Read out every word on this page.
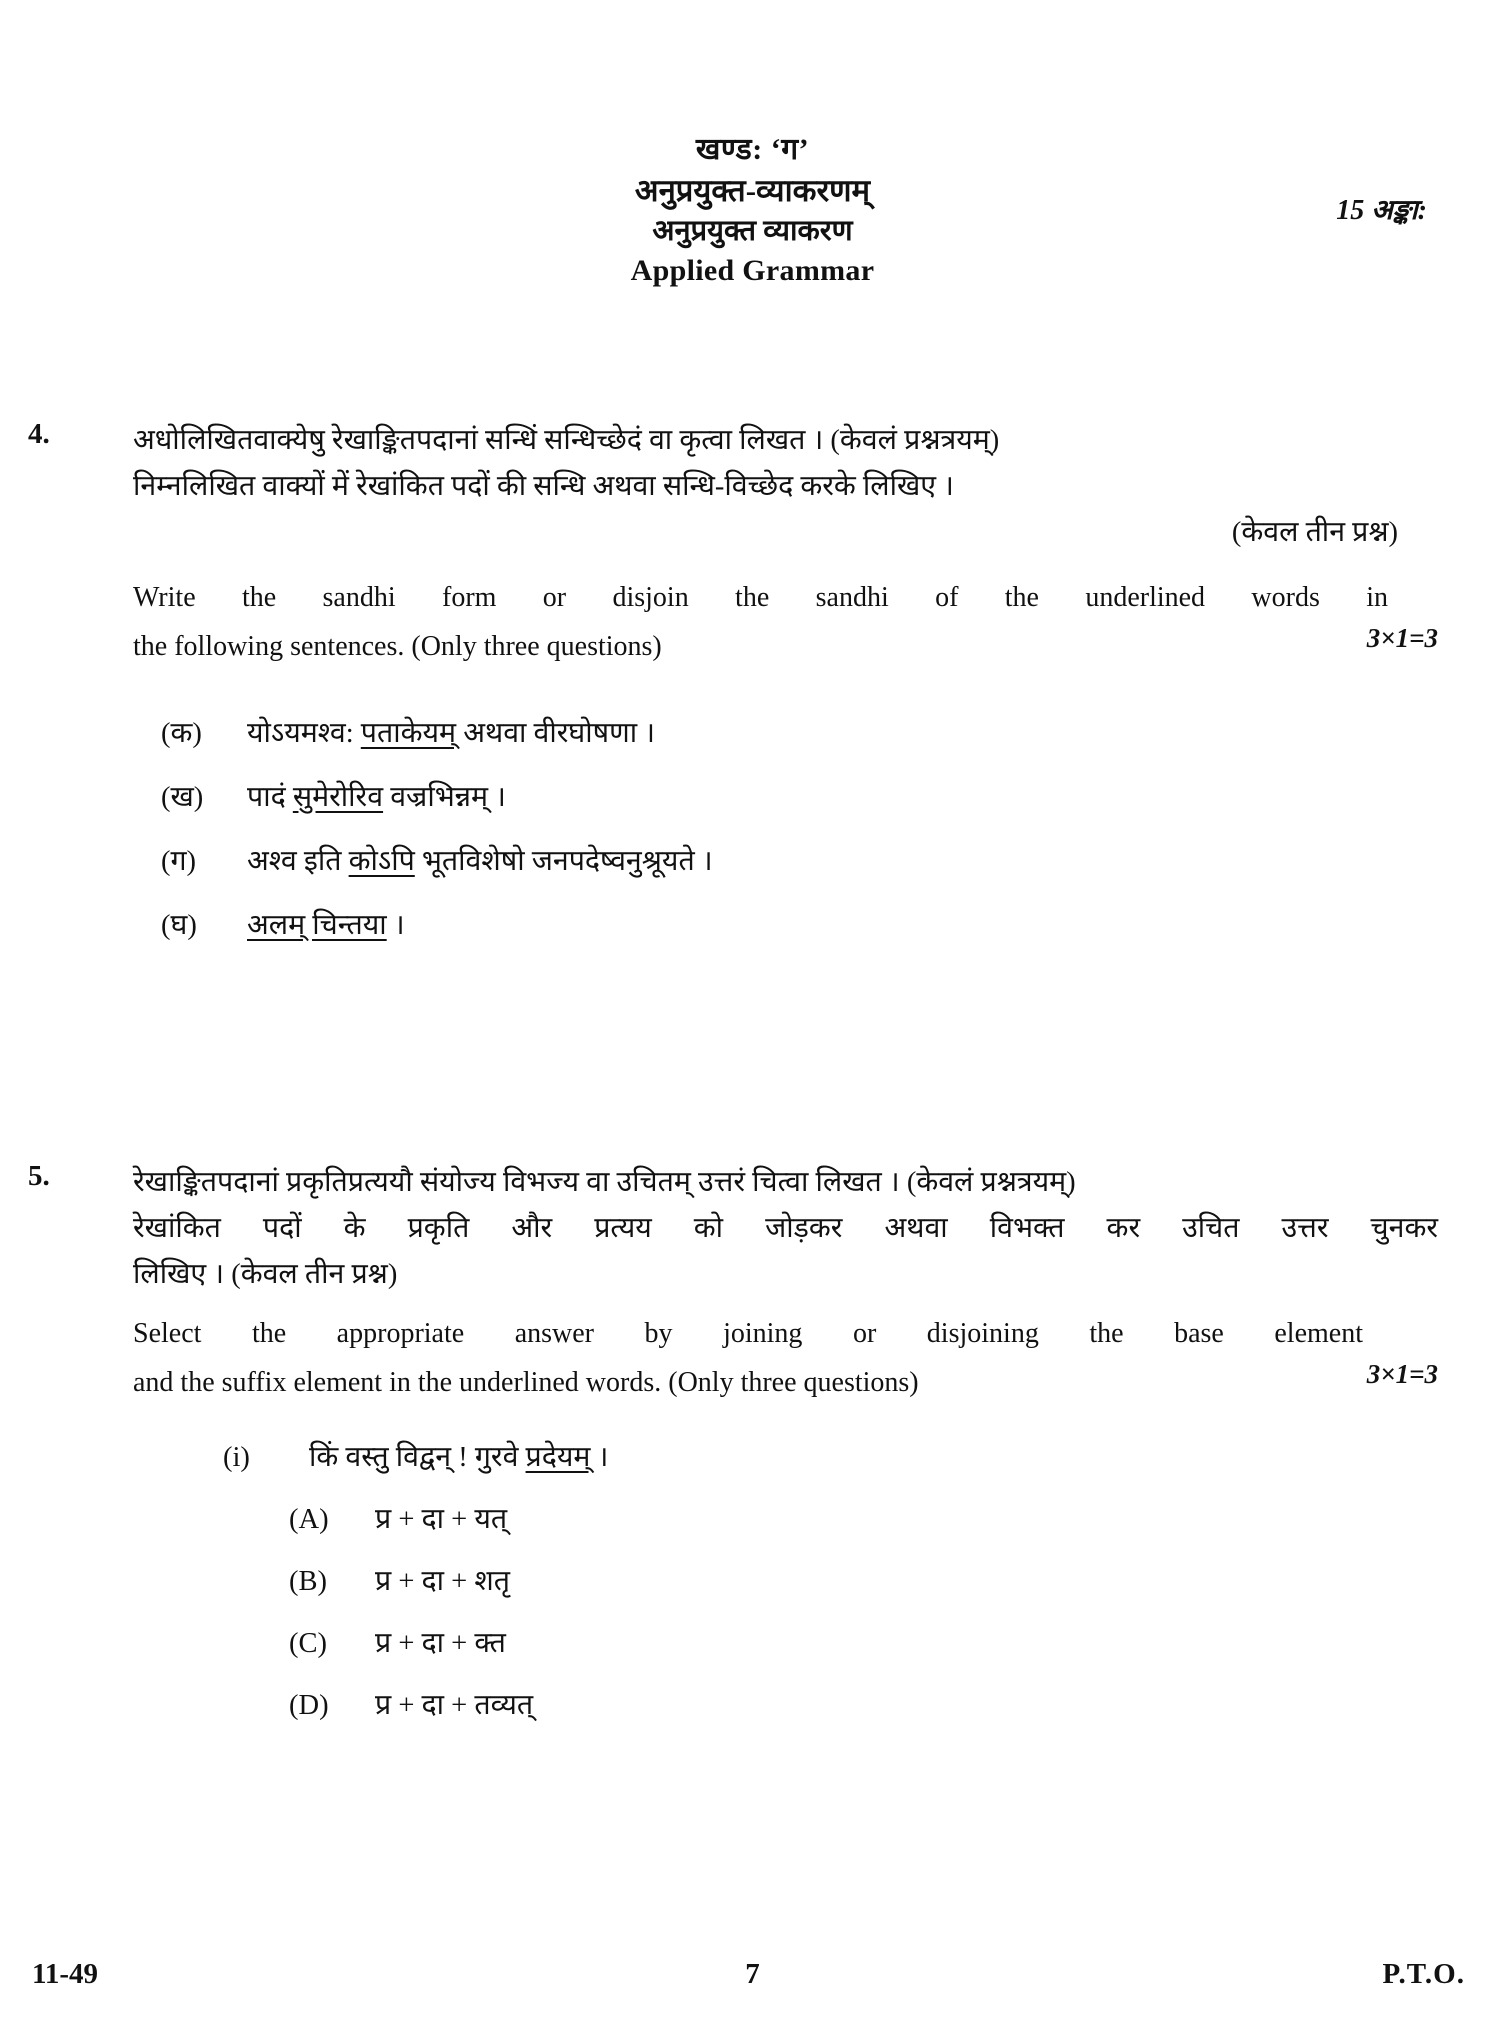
खण्ड: ‘ग’
अनुप्रयुक्त-व्याकरणम्
अनुप्रयुक्त व्याकरण
Applied Grammar
15 अङ्का:
4.	अधोलिखितवाक्येषु रेखाङ्कितपदानां सन्धिं सन्धिच्छेदं वा कृत्वा लिखत । (केवलं प्रश्नत्रयम्)
निम्नलिखित वाक्यों में रेखांकित पदों की सन्धि अथवा सन्धि-विच्छेद करके लिखिए ।
(केवल तीन प्रश्न)
Write the sandhi form or disjoin the sandhi of the underlined words in
the following sentences. (Only three questions)	3×1=3
(क) योऽयमश्व: पताकेयम् अथवा वीरघोषणा ।
(ख) पादं सुमेरोरिव वज्रभिन्नम् ।
(ग) अश्व इति कोऽपि भूतविशेषो जनपदेष्वनुश्रूयते ।
(घ) अलम् चिन्तया ।
5.	रेखाङ्कितपदानां प्रकृतिप्रत्ययौ संयोज्य विभज्य वा उचितम् उत्तरं चित्वा लिखत । (केवलं प्रश्नत्रयम्)
रेखांकित पदों के प्रकृति और प्रत्यय को जोड़कर अथवा विभक्त कर उचित उत्तर चुनकर
लिखिए । (केवल तीन प्रश्न)
Select the appropriate answer by joining or disjoining the base element
and the suffix element in the underlined words. (Only three questions)	3×1=3
(i) किं वस्तु विद्वन् ! गुरवे प्रदेयम् ।
(A) प्र + दा + यत्
(B) प्र + दा + शतृ
(C) प्र + दा + क्त
(D) प्र + दा + तव्यत्
11-49	7	P.T.O.
